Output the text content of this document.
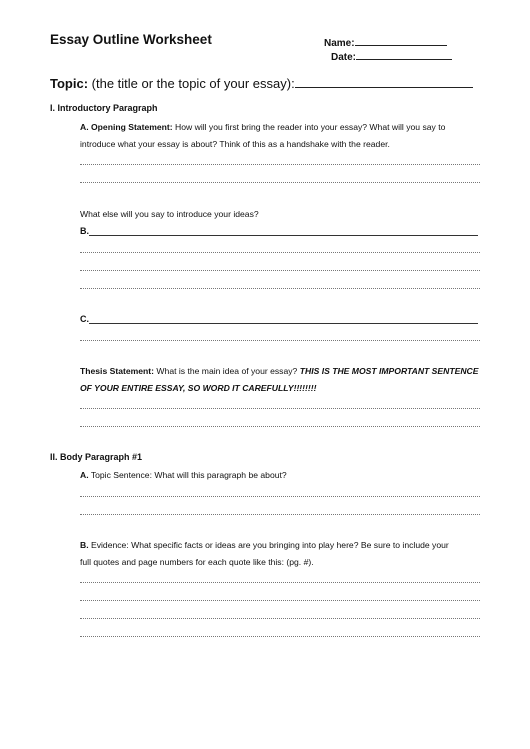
Essay Outline Worksheet	Name:
Date:
Topic: (the title or the topic of your essay):
I. Introductory Paragraph
A. Opening Statement: How will you first bring the reader into your essay? What will you say to
introduce what your essay is about? Think of this as a handshake with the reader.
What else will you say to introduce your ideas?
B.
C.
Thesis Statement: What is the main idea of your essay? THIS IS THE MOST IMPORTANT SENTENCE
OF YOUR ENTIRE ESSAY, SO WORD IT CAREFULLY!!!!!!!!
II. Body Paragraph #1
A. Topic Sentence: What will this paragraph be about?
B. Evidence: What specific facts or ideas are you bringing into play here? Be sure to include your
full quotes and page numbers for each quote like this: (pg. #).
